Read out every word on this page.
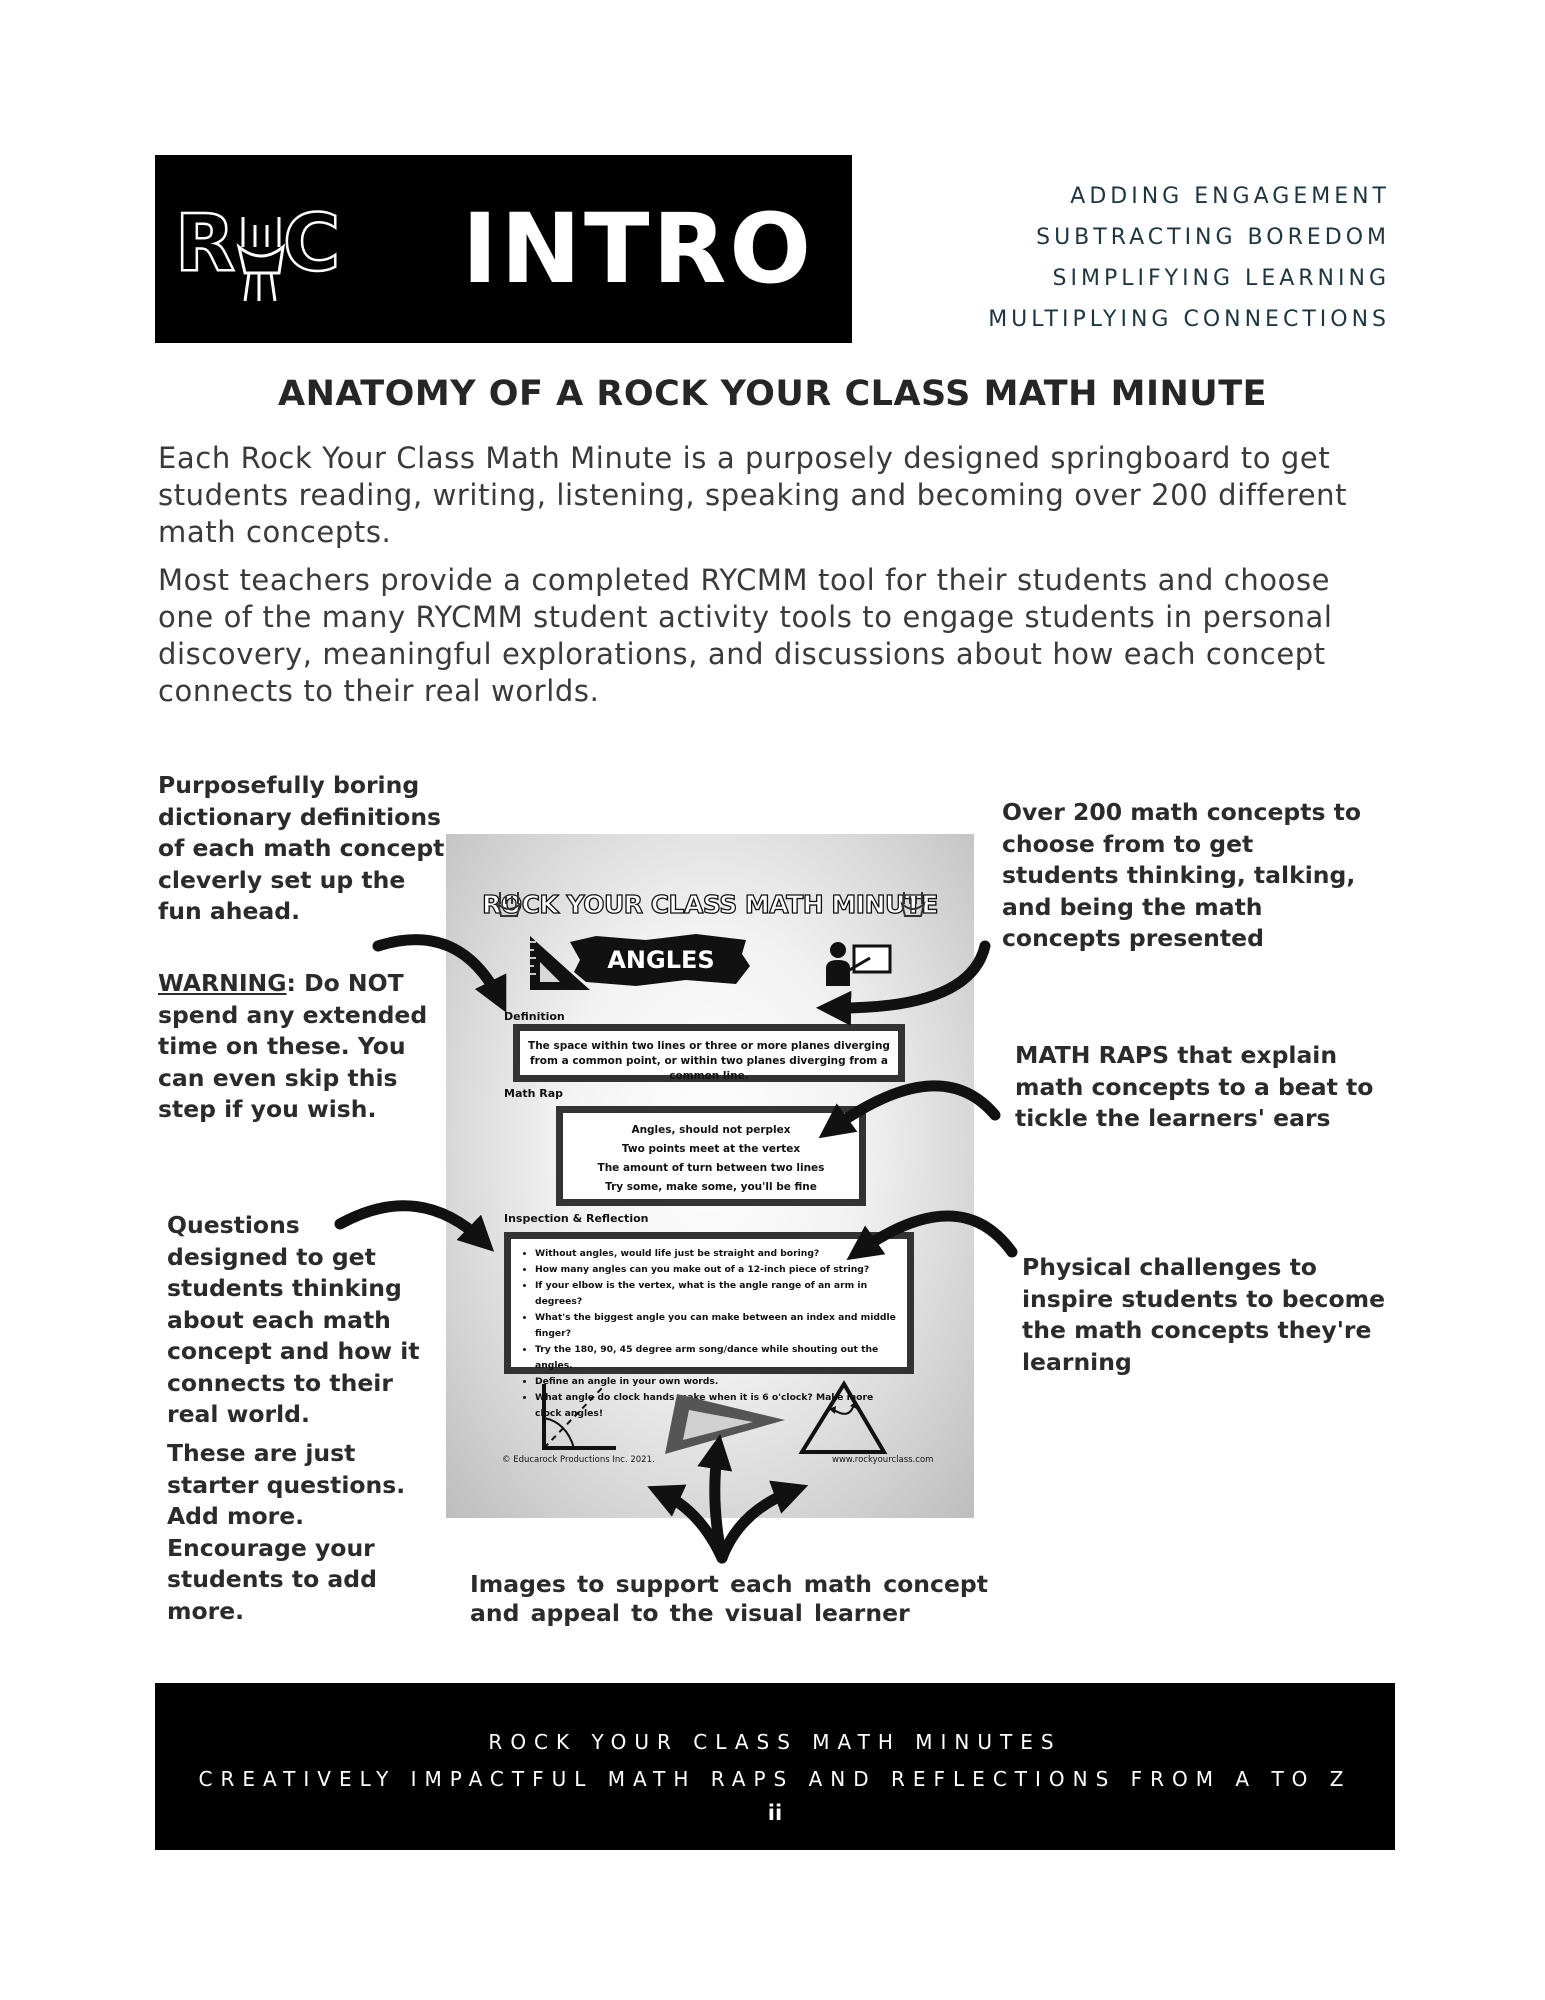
INTRO
R C
ADDING ENGAGEMENT
SUBTRACTING BOREDOM
SIMPLIFYING LEARNING
MULTIPLYING CONNECTIONS
ANATOMY OF A ROCK YOUR CLASS MATH MINUTE
Each Rock Your Class Math Minute is a purposely designed springboard to get students reading, writing, listening, speaking and becoming over 200 different math concepts.
Most teachers provide a completed RYCMM tool for their students and choose one of the many RYCMM student activity tools to engage students in personal discovery, meaningful explorations, and discussions about how each concept connects to their real worlds.
Purposefully boring dictionary definitions of each math concept cleverly set up the fun ahead.
WARNING: Do NOT spend any extended time on these. You can even skip this step if you wish.
Over 200 math concepts to choose from to get students thinking, talking, and being the math concepts presented
MATH RAPS that explain math concepts to a beat to tickle the learners' ears
Questions designed to get students thinking about each math concept and how it connects to their real world.
These are just starter questions. Add more. Encourage your students to add more.
Physical challenges to inspire students to become the math concepts they're learning
Images to support each math concept and appeal to the visual learner
ROCK YOUR CLASS MATH MINUTE
ANGLES
Definition
The space within two lines or three or more planes diverging from a common point, or within two planes diverging from a common line.
Math Rap
Angles, should not perplex
Two points meet at the vertex
The amount of turn between two lines
Try some, make some, you'll be fine
Inspection & Reflection
• Without angles, would life just be straight and boring?
• How many angles can you make out of a 12-inch piece of string?
• If your elbow is the vertex, what is the angle range of an arm in degrees?
• What's the biggest angle you can make between an index and middle finger?
• Try the 180, 90, 45 degree arm song/dance while shouting out the angles.
• Define an angle in your own words.
• What angle do clock hands make when it is 6 o'clock? Make more clock angles!
© Educarock Productions Inc. 2021.	www.rockyourclass.com
ROCK YOUR CLASS MATH MINUTES
CREATIVELY IMPACTFUL MATH RAPS AND REFLECTIONS FROM A TO Z
ii
